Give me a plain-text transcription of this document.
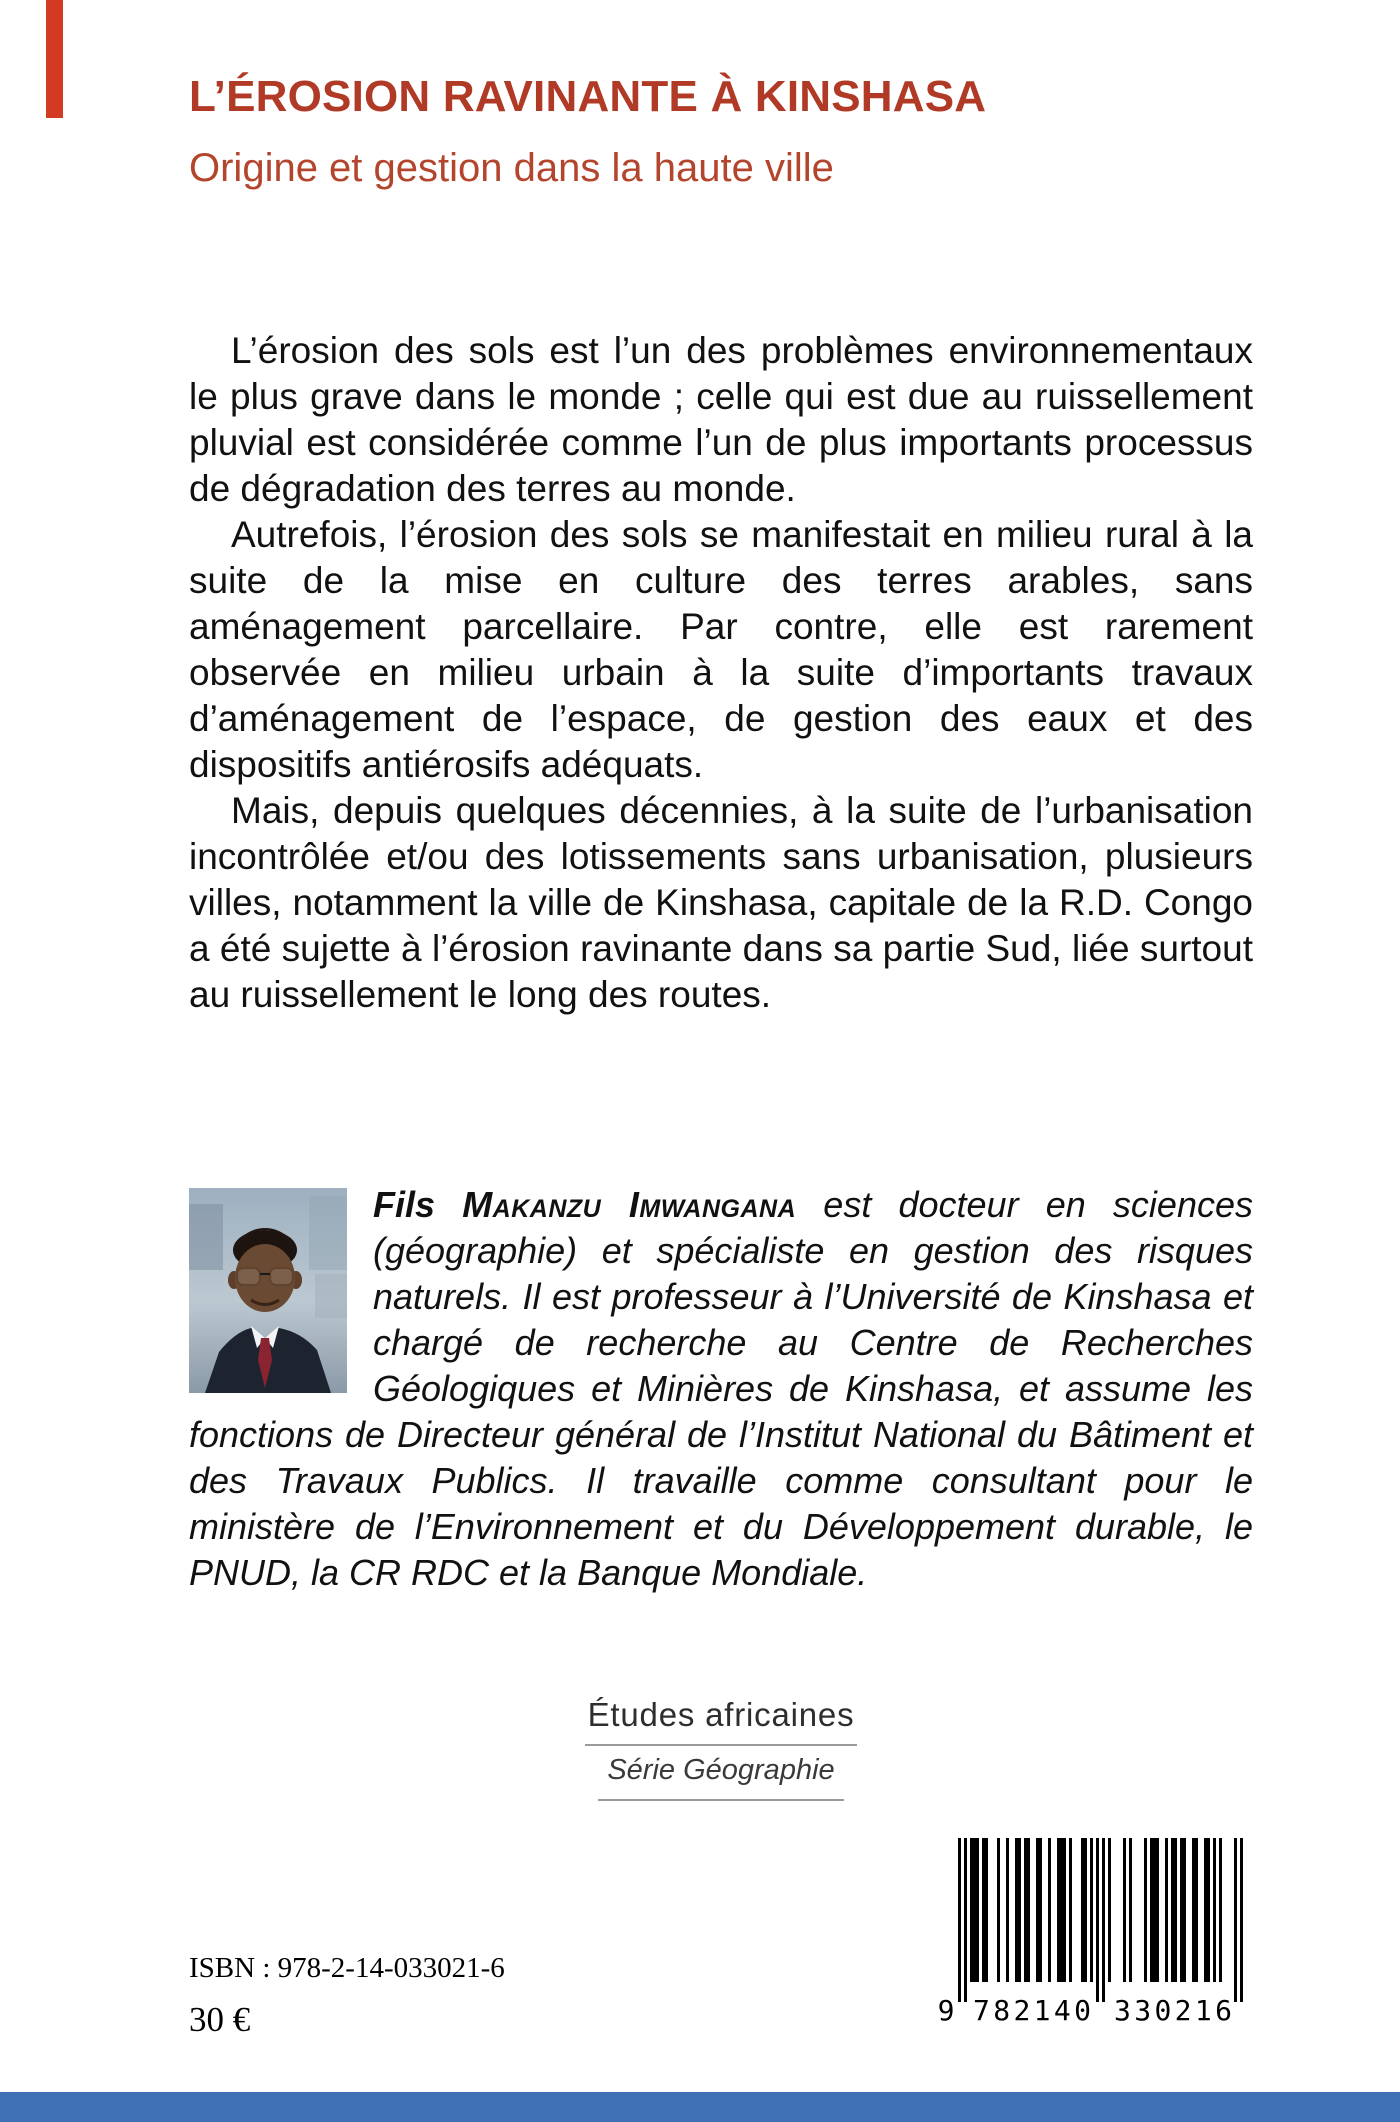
L’ÉROSION RAVINANTE À KINSHASA
Origine et gestion dans la haute ville

L’érosion des sols est l’un des problèmes environnementaux le plus grave dans le monde ; celle qui est due au ruissellement pluvial est considérée comme l’un de plus importants processus de dégradation des terres au monde.

Autrefois, l’érosion des sols se manifestait en milieu rural à la suite de la mise en culture des terres arables, sans aménagement parcellaire. Par contre, elle est rarement observée en milieu urbain à la suite d’importants travaux d’aménagement de l’espace, de gestion des eaux et des dispositifs antiérosifs adéquats.

Mais, depuis quelques décennies, à la suite de l’urbanisation incontrôlée et/ou des lotissements sans urbanisation, plusieurs villes, notamment la ville de Kinshasa, capitale de la R.D. Congo a été sujette à l’érosion ravinante dans sa partie Sud, liée surtout au ruissellement le long des routes.

Fils Makanzu Imwangana est docteur en sciences (géographie) et spécialiste en gestion des risques naturels. Il est professeur à l’Université de Kinshasa et chargé de recherche au Centre de Recherches Géologiques et Minières de Kinshasa, et assume les fonctions de Directeur général de l’Institut National du Bâtiment et des Travaux Publics. Il travaille comme consultant pour le ministère de l’Environnement et du Développement durable, le PNUD, la CR RDC et la Banque Mondiale.

Études africaines

Série Géographie

9 782140 330216

ISBN : 978-2-14-033021-6

30 €
